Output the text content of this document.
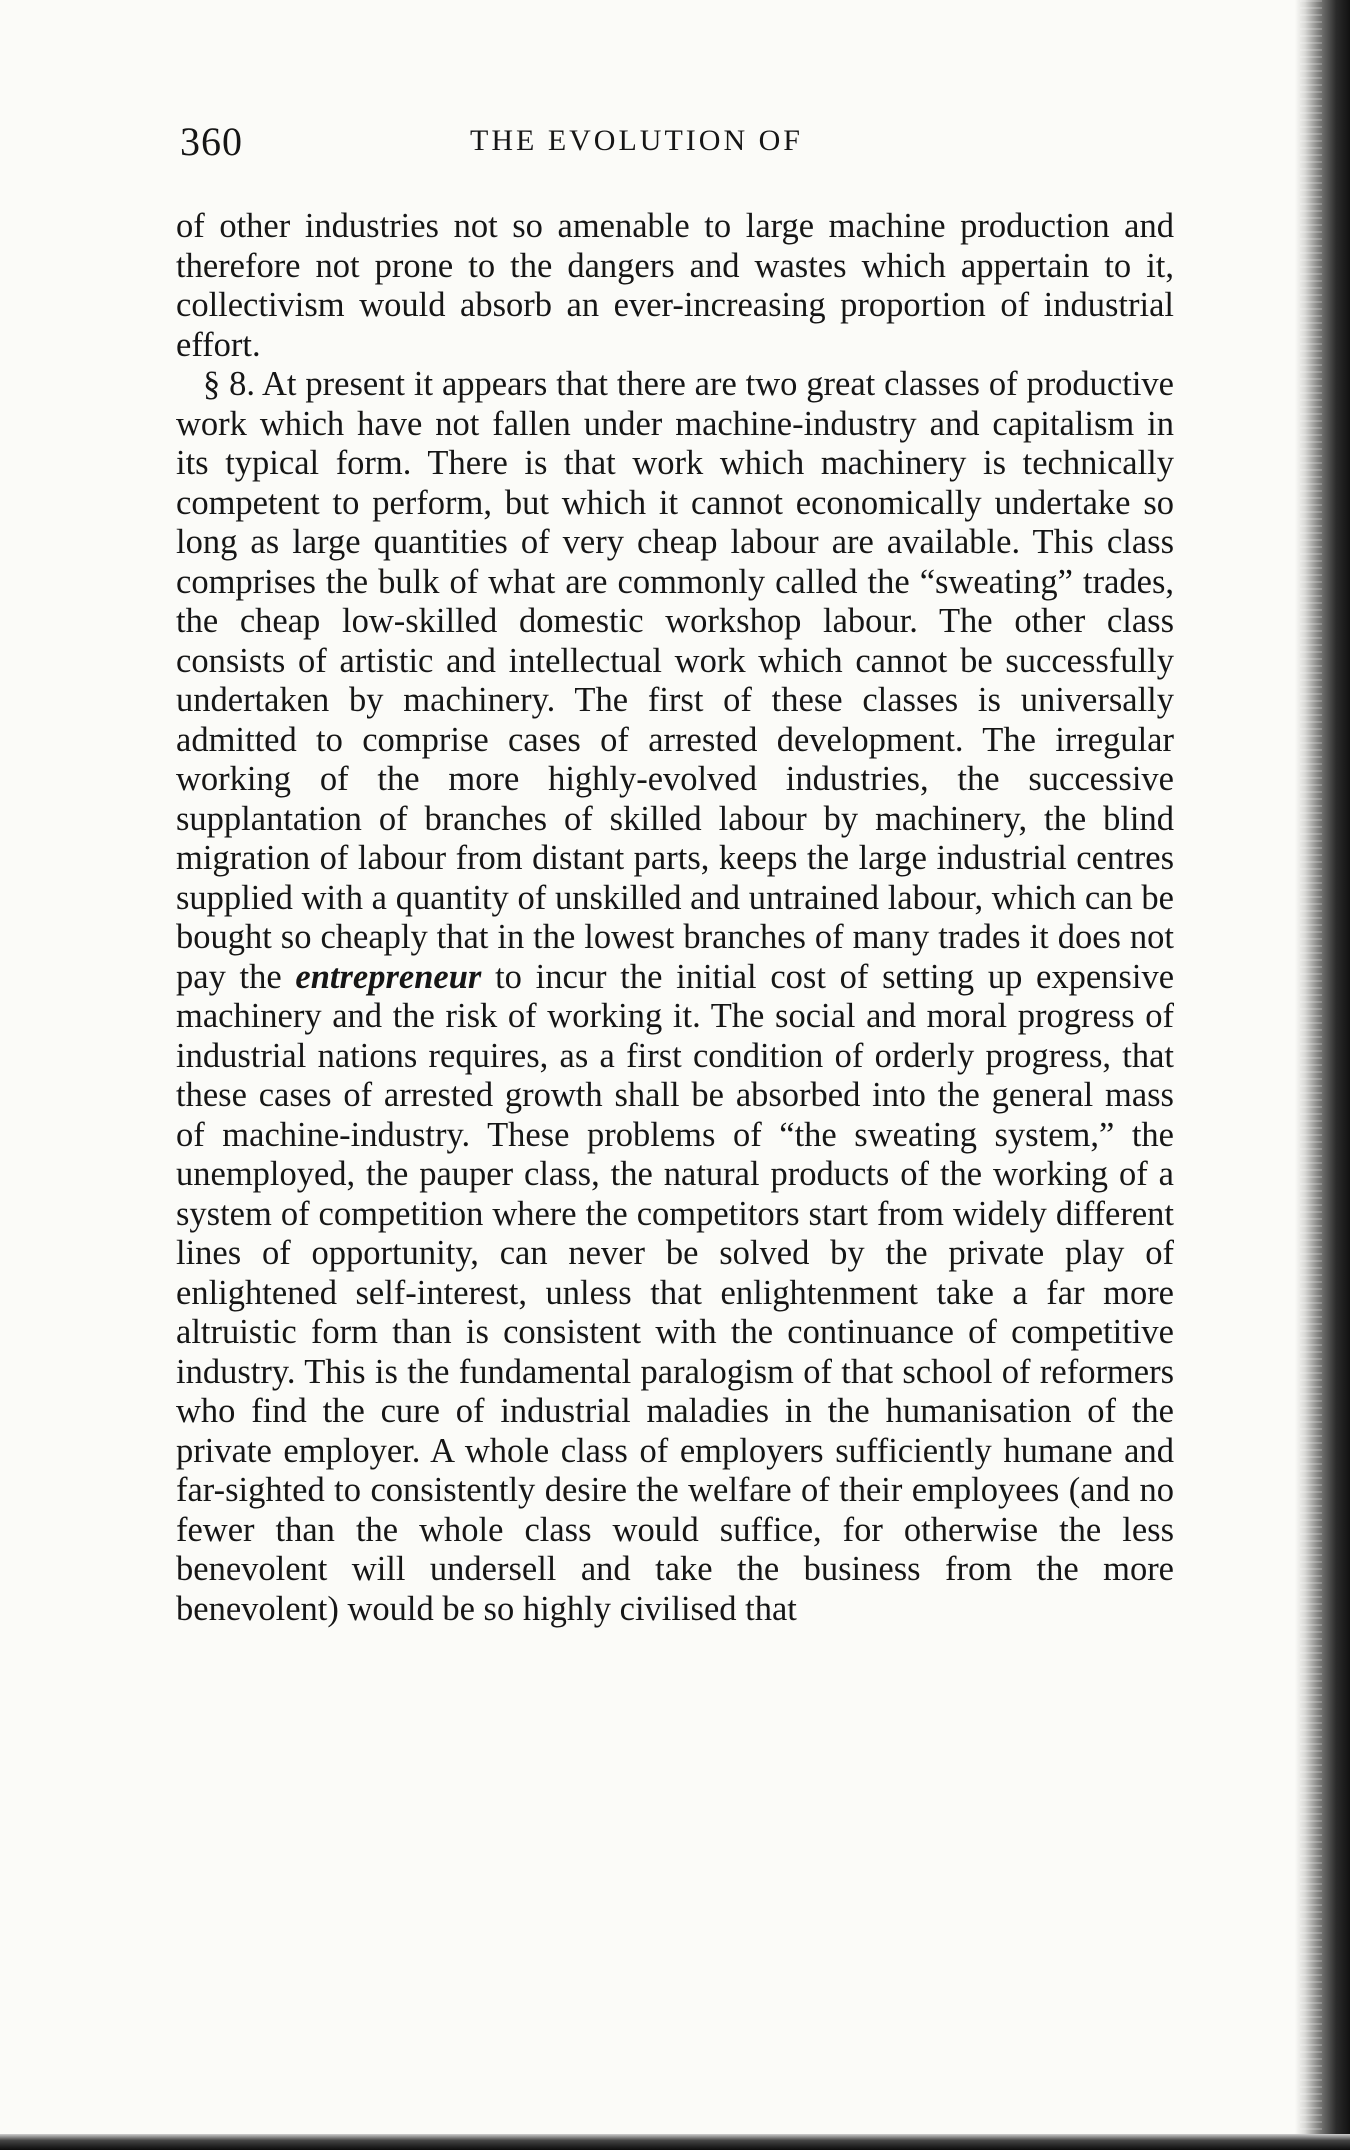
360	THE EVOLUTION OF

of other industries not so amenable to large machine production and therefore not prone to the dangers and wastes which appertain to it, collectivism would absorb an ever-increasing proportion of industrial effort.

§ 8. At present it appears that there are two great classes of productive work which have not fallen under machine-industry and capitalism in its typical form. There is that work which machinery is technically competent to perform, but which it cannot economically undertake so long as large quantities of very cheap labour are available. This class comprises the bulk of what are commonly called the “sweating” trades, the cheap low-skilled domestic workshop labour. The other class consists of artistic and intellectual work which cannot be successfully undertaken by machinery. The first of these classes is universally admitted to comprise cases of arrested development. The irregular working of the more highly-evolved industries, the successive supplantation of branches of skilled labour by machinery, the blind migration of labour from distant parts, keeps the large industrial centres supplied with a quantity of unskilled and untrained labour, which can be bought so cheaply that in the lowest branches of many trades it does not pay the entrepreneur to incur the initial cost of setting up expensive machinery and the risk of working it. The social and moral progress of industrial nations requires, as a first condition of orderly progress, that these cases of arrested growth shall be absorbed into the general mass of machine-industry. These problems of “the sweating system,” the unemployed, the pauper class, the natural products of the working of a system of competition where the competitors start from widely different lines of opportunity, can never be solved by the private play of enlightened self-interest, unless that enlightenment take a far more altruistic form than is consistent with the continuance of competitive industry. This is the fundamental paralogism of that school of reformers who find the cure of industrial maladies in the humanisation of the private employer. A whole class of employers sufficiently humane and far-sighted to consistently desire the welfare of their employees (and no fewer than the whole class would suffice, for otherwise the less benevolent will undersell and take the business from the more benevolent) would be so highly civilised that
